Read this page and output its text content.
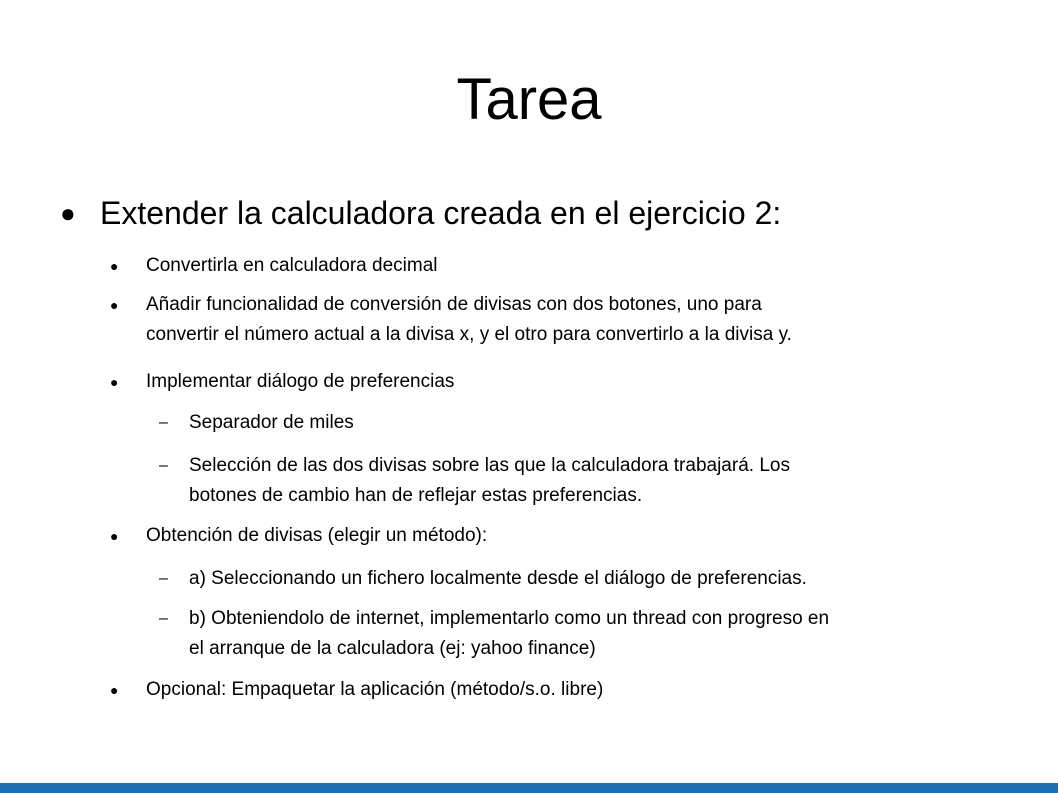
Tarea
● Extender la calculadora creada en el ejercicio 2:
● Convertirla en calculadora decimal
● Añadir funcionalidad de conversión de divisas con dos botones, uno para
convertir el número actual a la divisa x, y el otro para convertirlo a la divisa y.
● Implementar diálogo de preferencias
– Separador de miles
– Selección de las dos divisas sobre las que la calculadora trabajará. Los
botones de cambio han de reflejar estas preferencias.
● Obtención de divisas (elegir un método):
– a) Seleccionando un fichero localmente desde el diálogo de preferencias.
– b) Obteniendolo de internet, implementarlo como un thread con progreso en
el arranque de la calculadora (ej: yahoo finance)
● Opcional: Empaquetar la aplicación (método/s.o. libre)
